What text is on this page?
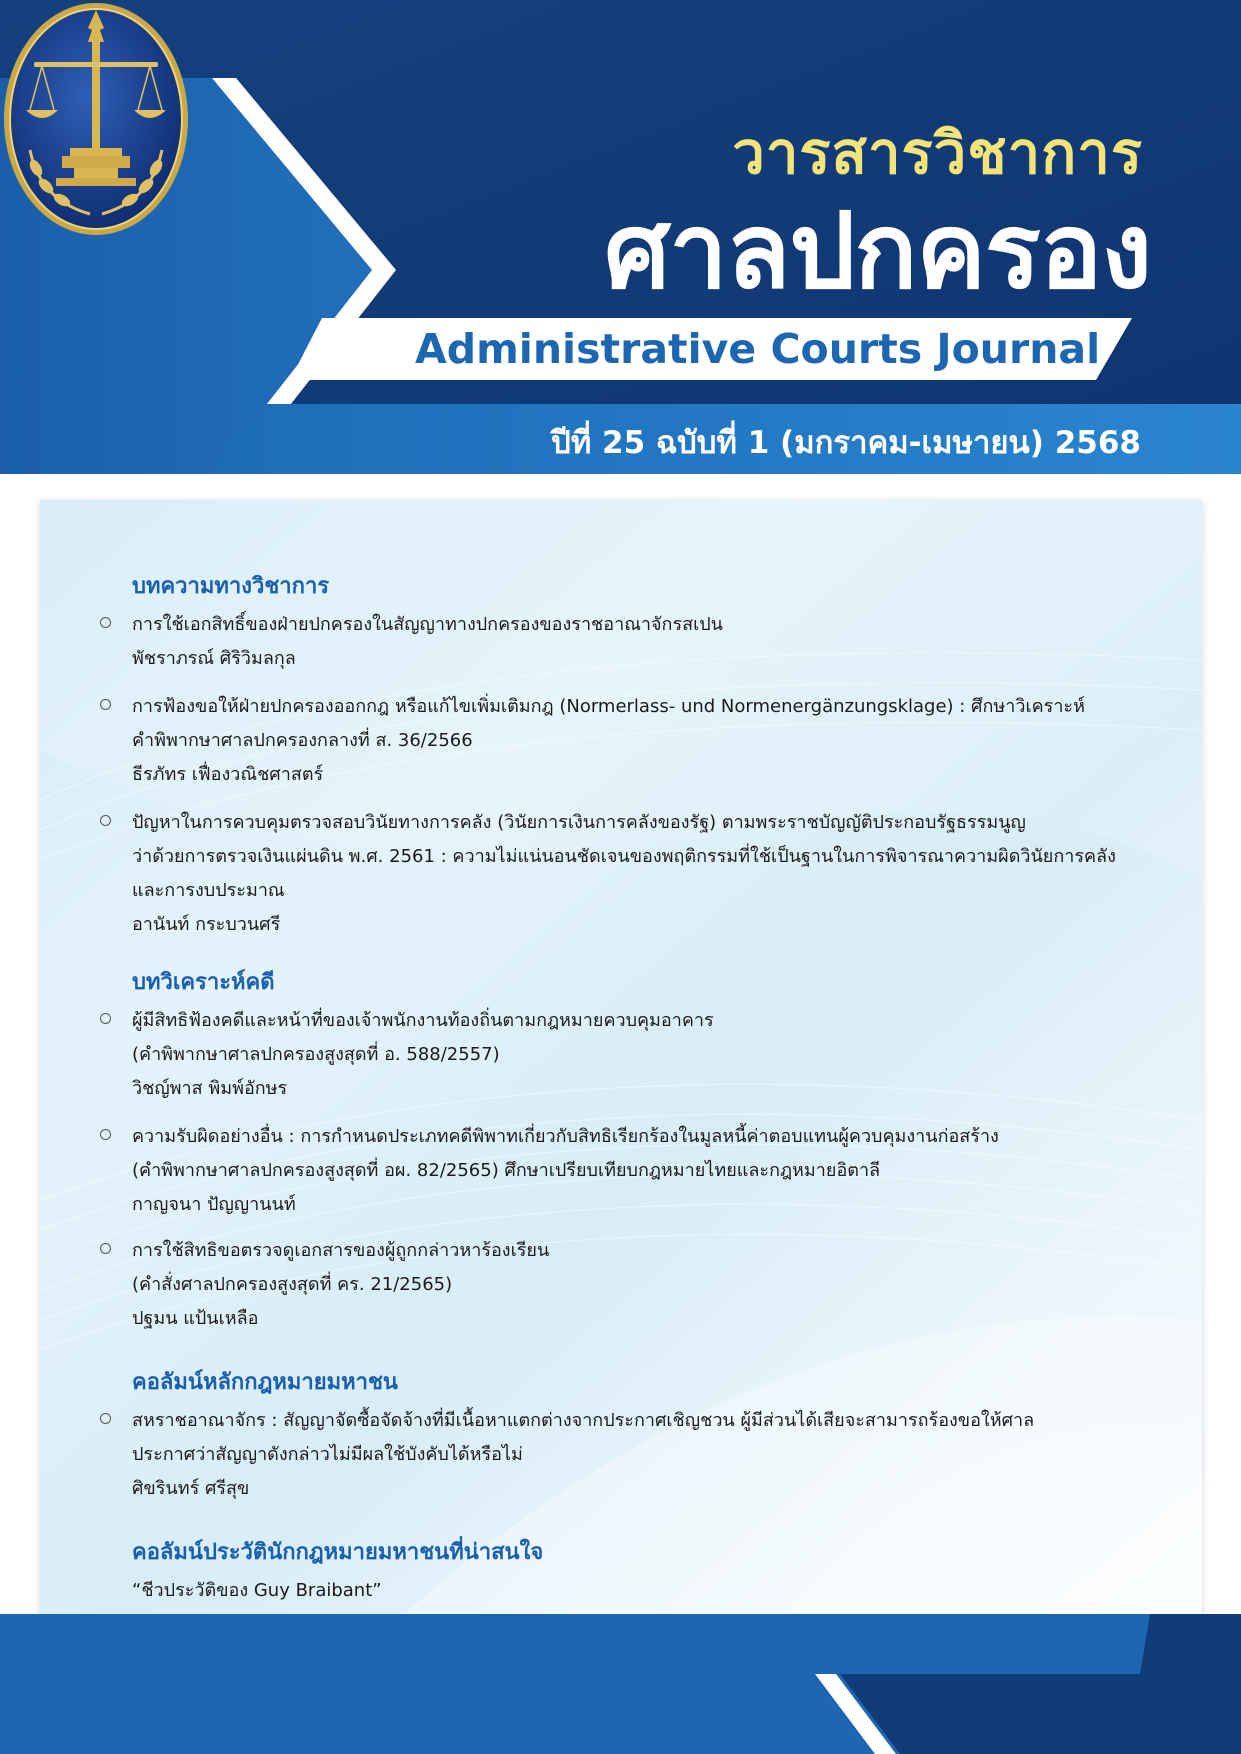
วารสารวิชาการ
ศาลปกครอง
Administrative Courts Journal
ปีที่ 25 ฉบับที่ 1 (มกราคม-เมษายน) 2568
บทความทางวิชาการ
การใช้เอกสิทธิ์ของฝ่ายปกครองในสัญญาทางปกครองของราชอาณาจักรสเปน
พัชราภรณ์ ศิริวิมลกุล
การฟ้องขอให้ฝ่ายปกครองออกกฎ หรือแก้ไขเพิ่มเติมกฎ (Normerlass- und Normenergänzungsklage) : ศึกษาวิเคราะห์
คำพิพากษาศาลปกครองกลางที่ ส. 36/2566
ธีรภัทร เฟื่องวณิชศาสตร์
ปัญหาในการควบคุมตรวจสอบวินัยทางการคลัง (วินัยการเงินการคลังของรัฐ) ตามพระราชบัญญัติประกอบรัฐธรรมนูญ
ว่าด้วยการตรวจเงินแผ่นดิน พ.ศ. 2561 : ความไม่แน่นอนชัดเจนของพฤติกรรมที่ใช้เป็นฐานในการพิจารณาความผิดวินัยการคลัง
และการงบประมาณ
อานันท์ กระบวนศรี
บทวิเคราะห์คดี
ผู้มีสิทธิฟ้องคดีและหน้าที่ของเจ้าพนักงานท้องถิ่นตามกฎหมายควบคุมอาคาร
(คำพิพากษาศาลปกครองสูงสุดที่ อ. 588/2557)
วิชญ์พาส พิมพ์อักษร
ความรับผิดอย่างอื่น : การกำหนดประเภทคดีพิพาทเกี่ยวกับสิทธิเรียกร้องในมูลหนี้ค่าตอบแทนผู้ควบคุมงานก่อสร้าง
(คำพิพากษาศาลปกครองสูงสุดที่ อผ. 82/2565) ศึกษาเปรียบเทียบกฎหมายไทยและกฎหมายอิตาลี
กาญจนา ปัญญานนท์
การใช้สิทธิขอตรวจดูเอกสารของผู้ถูกกล่าวหาร้องเรียน
(คำสั่งศาลปกครองสูงสุดที่ คร. 21/2565)
ปฐมน แป้นเหลือ
คอลัมน์หลักกฎหมายมหาชน
สหราชอาณาจักร : สัญญาจัดซื้อจัดจ้างที่มีเนื้อหาแตกต่างจากประกาศเชิญชวน ผู้มีส่วนได้เสียจะสามารถร้องขอให้ศาล
ประกาศว่าสัญญาดังกล่าวไม่มีผลใช้บังคับได้หรือไม่
ศิขรินทร์ ศรีสุข
คอลัมน์ประวัตินักกฎหมายมหาชนที่น่าสนใจ
“ชีวประวัติของ Guy Braibant”
